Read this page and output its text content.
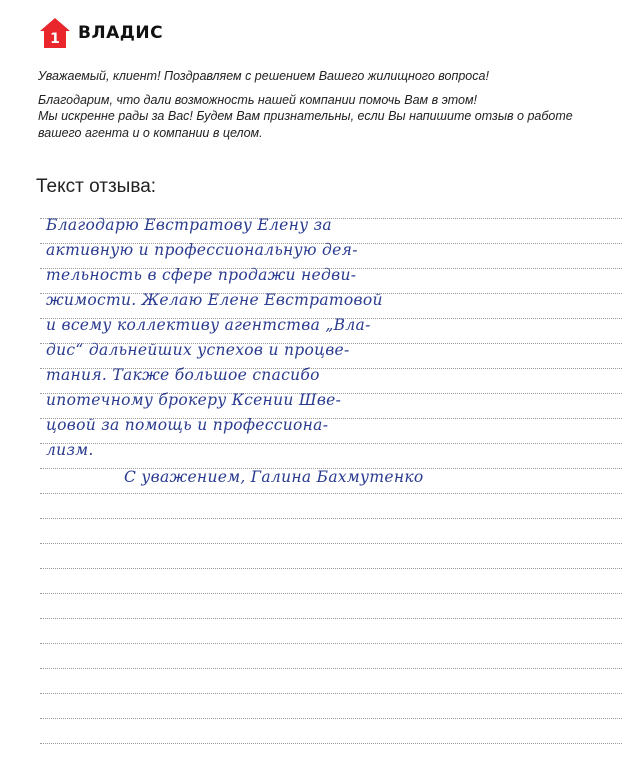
1 ВЛАДИС

Уважаемый, клиент! Поздравляем с решением Вашего жилищного вопроса!

Благодарим, что дали возможность нашей компании помочь Вам в этом!
Мы искренне рады за Вас! Будем Вам признательны, если Вы напишите отзыв о работе
вашего агента и о компании в целом.

Текст отзыва:
Благодарю Евстратову Елену за
активную и профессиональную дея-
тельность в сфере продажи недви-
жимости. Желаю Елене Евстратовой
и всему коллективу агентства „Вла-
дис“ дальнейших успехов и процве-
тания. Также большое спасибо
ипотечному брокеру Ксении Шве-
цовой за помощь и профессиона-
лизм.
С уважением, Галина Бахмутенко
